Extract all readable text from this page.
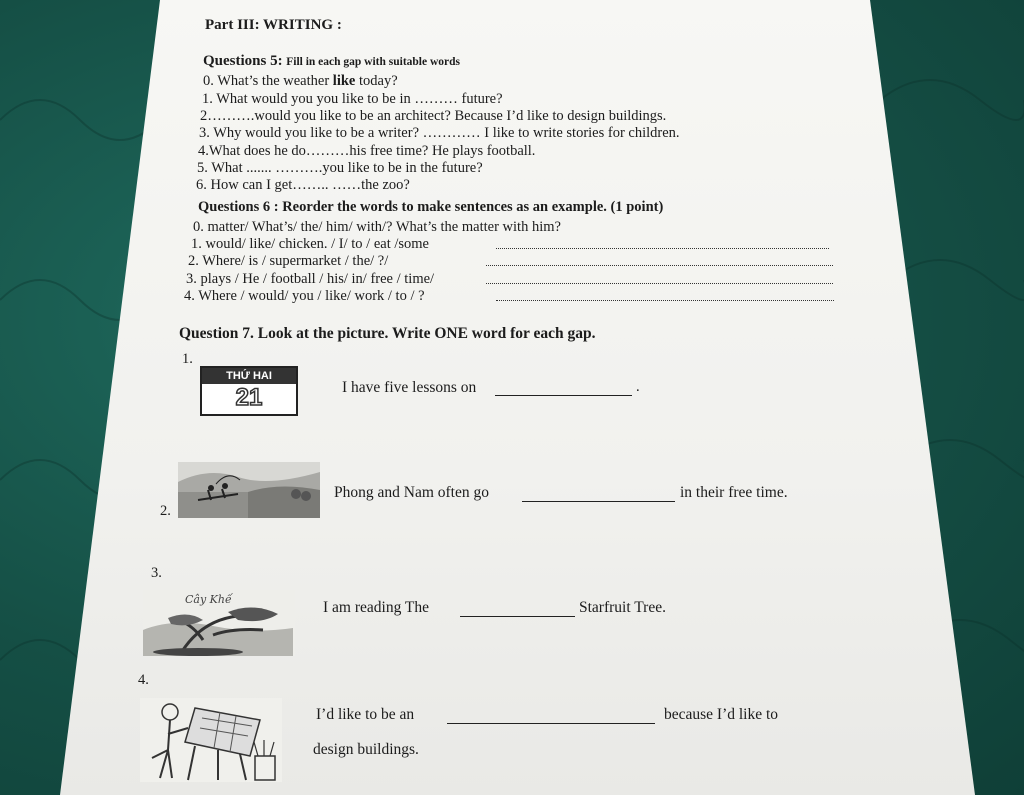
Part III: WRITING :
Questions 5: Fill in each gap with suitable words
0. What’s the weather like today?
1. What would you you like to be in ……… future?
2……….would you like to be an architect? Because I’d like to design buildings.
3. Why would you like to be a writer? ………… I like to write stories for children.
4.What does he do………his free time? He plays football.
5. What ....... ……….you like to be in the future?
6. How can I get…….. ……the zoo?
Questions 6 : Reorder the words to make sentences as an example. (1 point)
0. matter/ What’s/ the/ him/ with/? What’s the matter with him?
1. would/ like/ chicken. / I/ to / eat /some
2. Where/ is / supermarket / the/ ?/
3. plays / He / football / his/ in/ free / time/
4. Where / would/ you / like/ work / to / ?
Question 7. Look at the picture. Write ONE word for each gap.
1.
THỨ HAI
21	I have five lessons on	.
2.
Phong and Nam often go	in their free time.
3.
Cây Khế	I am reading The	Starfruit Tree.
4.
I’d like to be an	because I’d like to
design buildings.
